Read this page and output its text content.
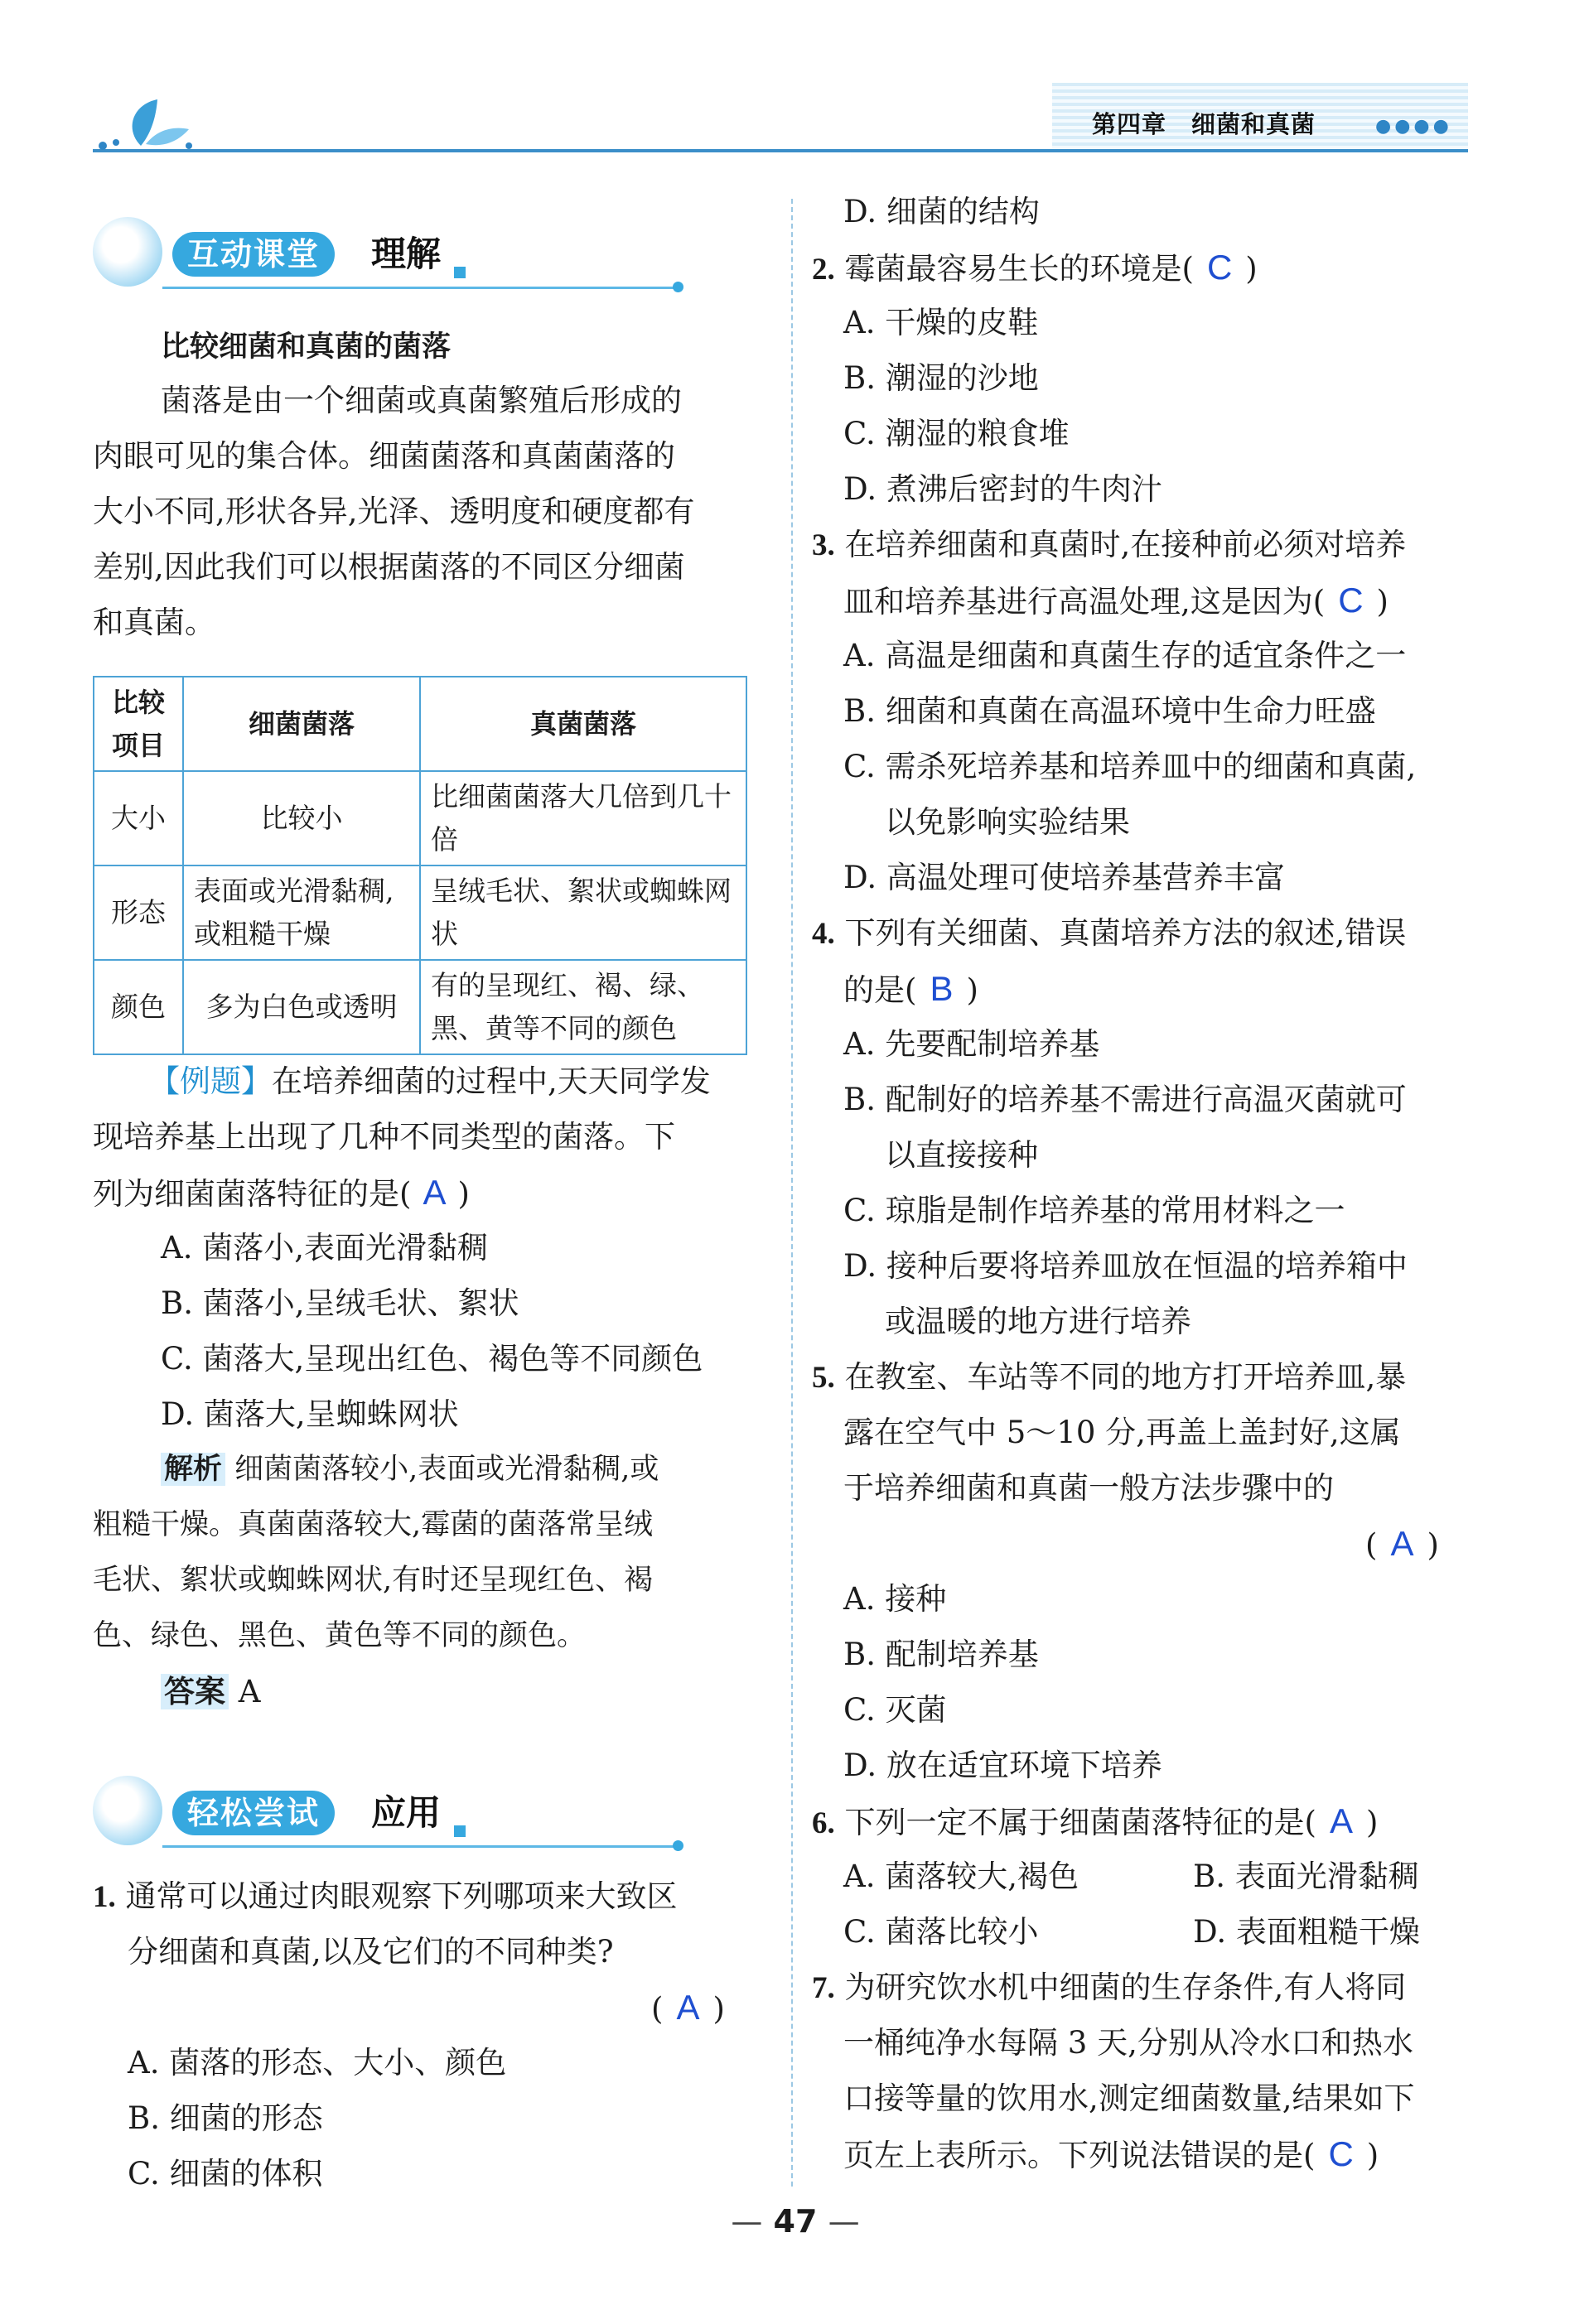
第四章　细菌和真菌	●●●●
互动课堂	理解
比较细菌和真菌的菌落
菌落是由一个细菌或真菌繁殖后形成的
肉眼可见的集合体。细菌菌落和真菌菌落的
大小不同,形状各异,光泽、透明度和硬度都有
差别,因此我们可以根据菌落的不同区分细菌
和真菌。
比较
项目	细菌菌落	真菌菌落
大小	比较小	比细菌菌落大几倍到几十倍
形态	表面或光滑黏稠,或粗糙干燥	呈绒毛状、絮状或蜘蛛网状
颜色	多为白色或透明	有的呈现红、褐、绿、黑、黄等不同的颜色
【例题】在培养细菌的过程中,天天同学发
现培养基上出现了几种不同类型的菌落。下
列为细菌菌落特征的是( A )
A. 菌落小,表面光滑黏稠
B. 菌落小,呈绒毛状、絮状
C. 菌落大,呈现出红色、褐色等不同颜色
D. 菌落大,呈蜘蛛网状
解析 细菌菌落较小,表面或光滑黏稠,或
粗糙干燥。真菌菌落较大,霉菌的菌落常呈绒
毛状、絮状或蜘蛛网状,有时还呈现红色、褐
色、绿色、黑色、黄色等不同的颜色。
答案 A
轻松尝试	应用
1. 通常可以通过肉眼观察下列哪项来大致区
分细菌和真菌,以及它们的不同种类?
( A )
A. 菌落的形态、大小、颜色
B. 细菌的形态
C. 细菌的体积
D. 细菌的结构
2. 霉菌最容易生长的环境是( C )
A. 干燥的皮鞋
B. 潮湿的沙地
C. 潮湿的粮食堆
D. 煮沸后密封的牛肉汁
3. 在培养细菌和真菌时,在接种前必须对培养
皿和培养基进行高温处理,这是因为( C )
A. 高温是细菌和真菌生存的适宜条件之一
B. 细菌和真菌在高温环境中生命力旺盛
C. 需杀死培养基和培养皿中的细菌和真菌,
以免影响实验结果
D. 高温处理可使培养基营养丰富
4. 下列有关细菌、真菌培养方法的叙述,错误
的是( B )
A. 先要配制培养基
B. 配制好的培养基不需进行高温灭菌就可
以直接接种
C. 琼脂是制作培养基的常用材料之一
D. 接种后要将培养皿放在恒温的培养箱中
或温暖的地方进行培养
5. 在教室、车站等不同的地方打开培养皿,暴
露在空气中 5～10 分,再盖上盖封好,这属
于培养细菌和真菌一般方法步骤中的
( A )
A. 接种
B. 配制培养基
C. 灭菌
D. 放在适宜环境下培养
6. 下列一定不属于细菌菌落特征的是( A )
A. 菌落较大,褐色	B. 表面光滑黏稠
C. 菌落比较小	D. 表面粗糙干燥
7. 为研究饮水机中细菌的生存条件,有人将同
一桶纯净水每隔 3 天,分别从冷水口和热水
口接等量的饮用水,测定细菌数量,结果如下
页左上表所示。下列说法错误的是( C )
— 47 —
